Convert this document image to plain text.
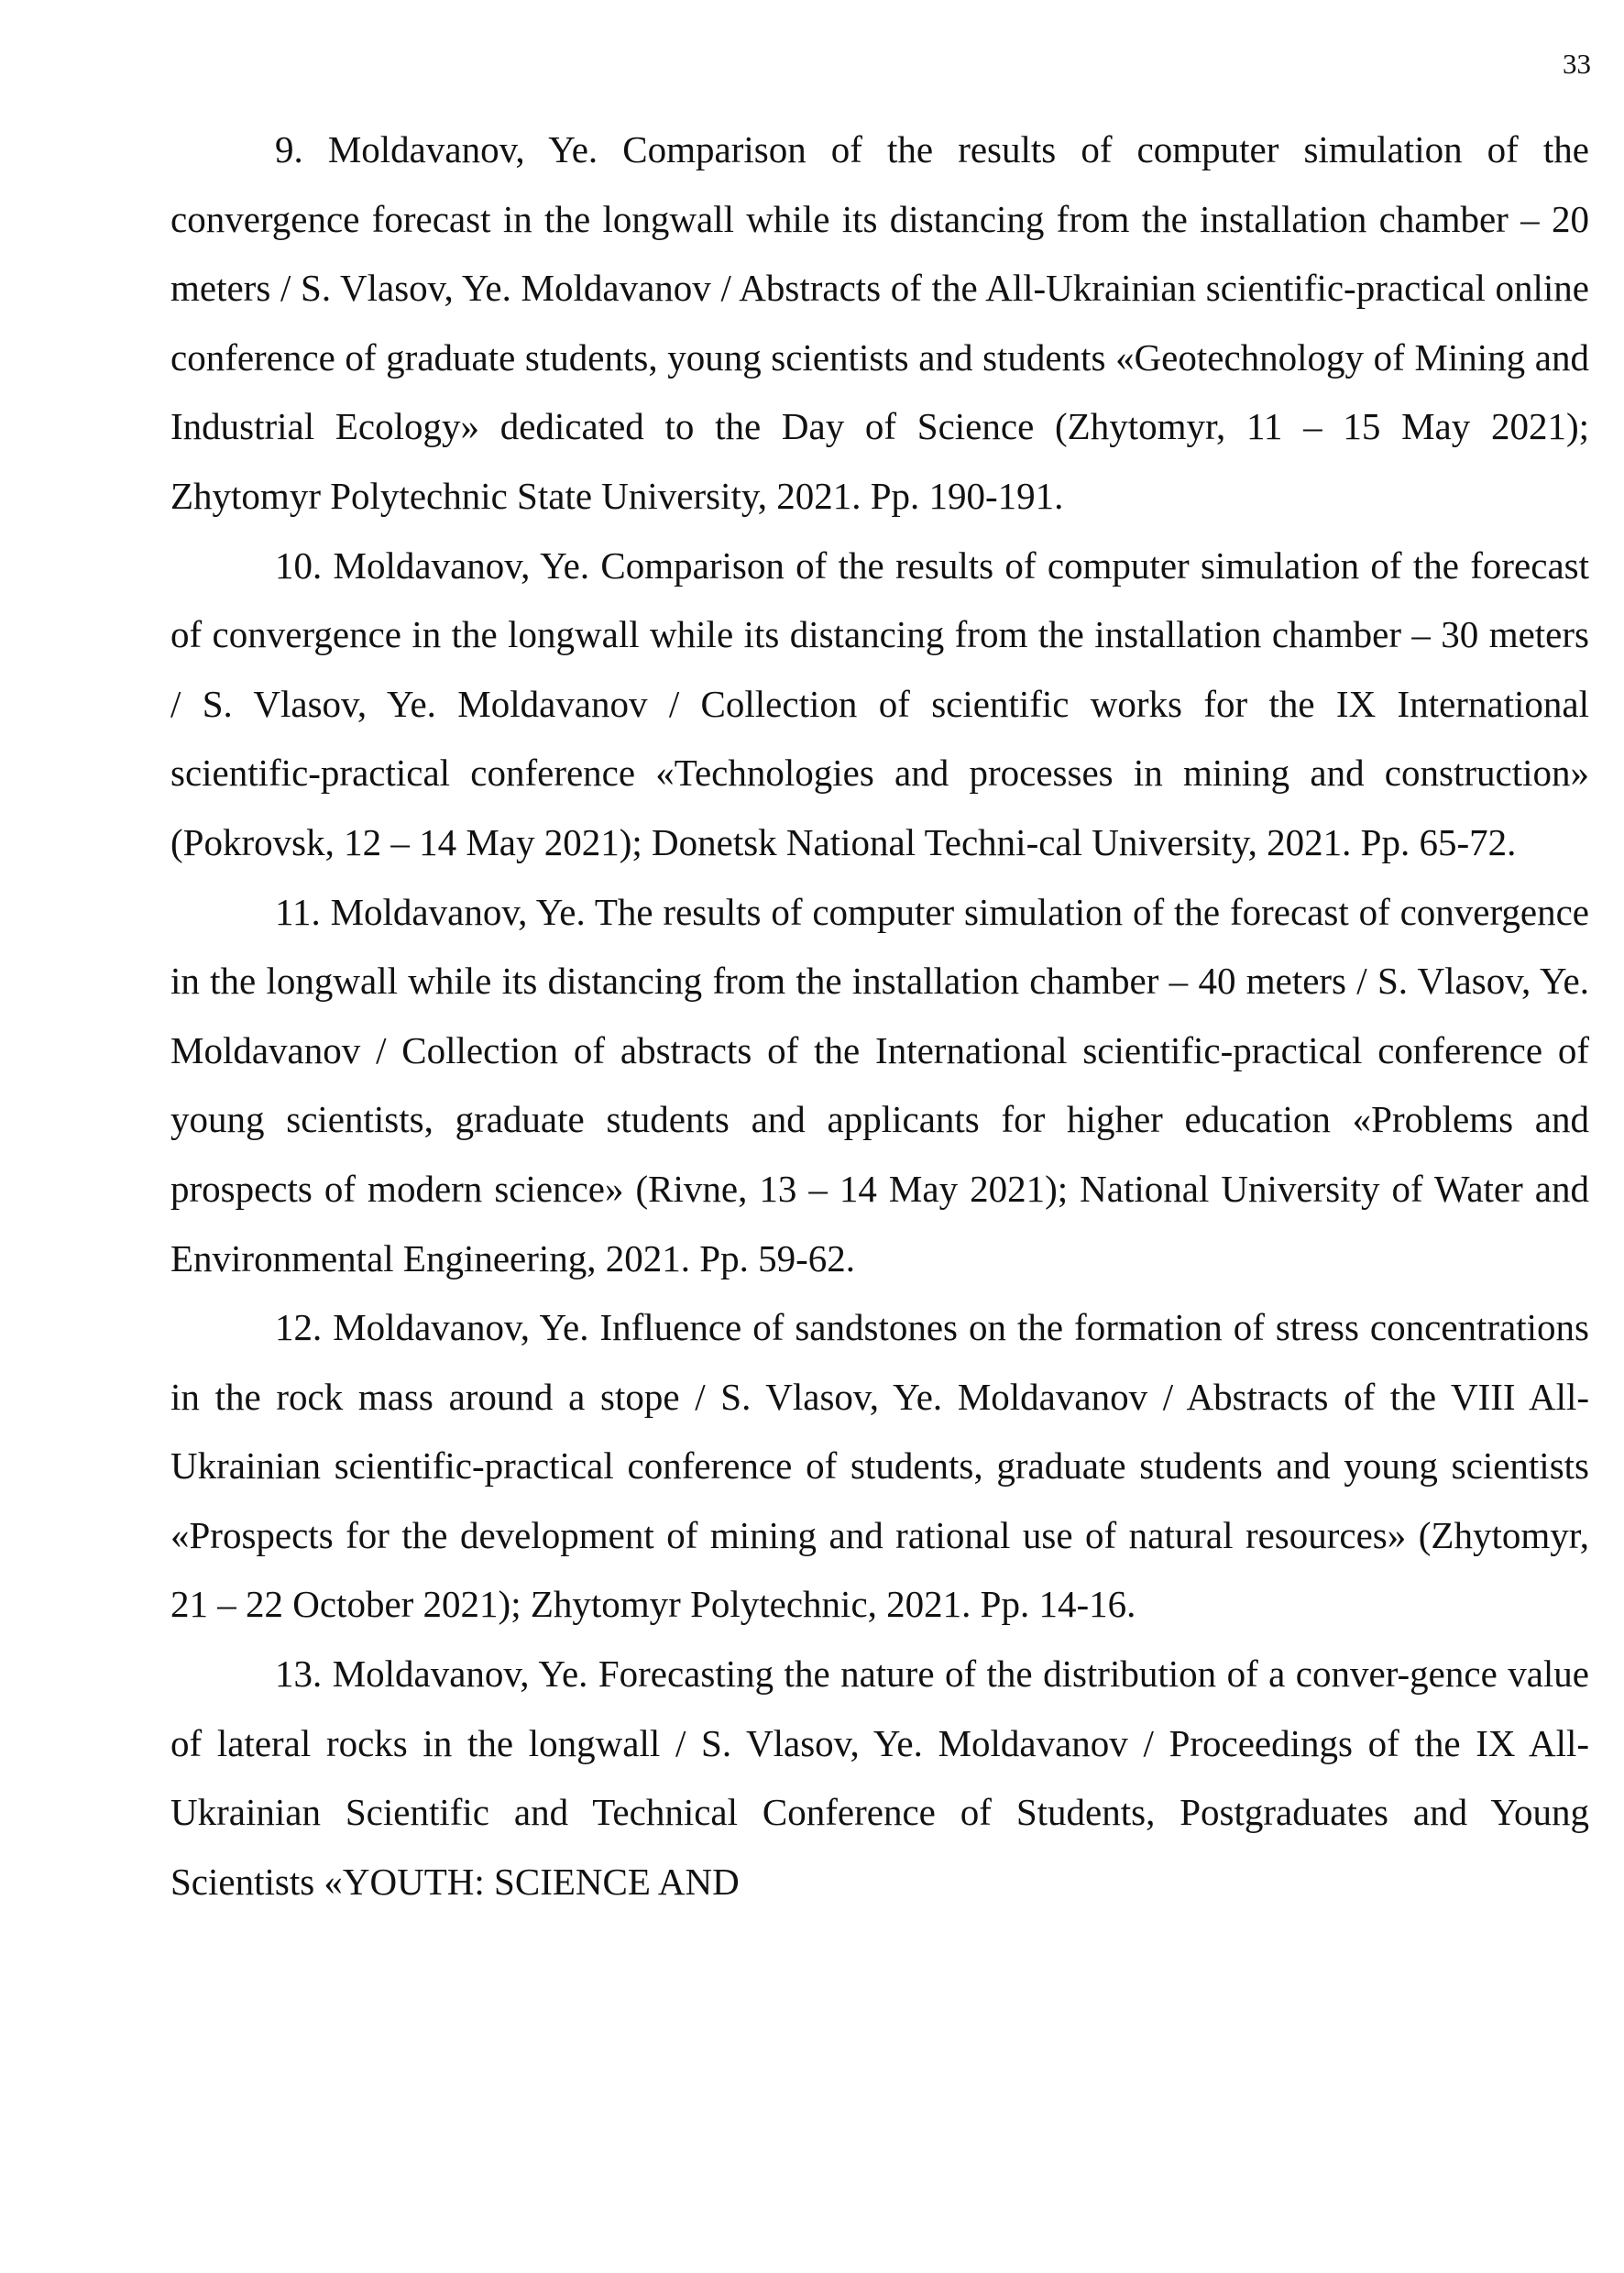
33

9. Moldavanov, Ye. Comparison of the results of computer simulation of the convergence forecast in the longwall while its distancing from the installation chamber – 20 meters / S. Vlasov, Ye. Moldavanov / Abstracts of the All-Ukrainian scientific-practical online conference of graduate students, young scientists and students «Geotechnology of Mining and Industrial Ecology» dedicated to the Day of Science (Zhytomyr, 11 – 15 May 2021); Zhytomyr Polytechnic State University, 2021. Pp. 190-191.

10. Moldavanov, Ye. Comparison of the results of computer simulation of the forecast of convergence in the longwall while its distancing from the installation chamber – 30 meters / S. Vlasov, Ye. Moldavanov / Collection of scientific works for the IX International scientific-practical conference «Technologies and processes in mining and construction» (Pokrovsk, 12 – 14 May 2021); Donetsk National Techni-cal University, 2021. Pp. 65-72.

11. Moldavanov, Ye. The results of computer simulation of the forecast of convergence in the longwall while its distancing from the installation chamber – 40 meters / S. Vlasov, Ye. Moldavanov / Collection of abstracts of the International scientific-practical conference of young scientists, graduate students and applicants for higher education «Problems and prospects of modern science» (Rivne, 13 – 14 May 2021); National University of Water and Environmental Engineering, 2021. Pp. 59-62.

12. Moldavanov, Ye. Influence of sandstones on the formation of stress concentrations in the rock mass around a stope / S. Vlasov, Ye. Moldavanov / Abstracts of the VIII All-Ukrainian scientific-practical conference of students, graduate students and young scientists «Prospects for the development of mining and rational use of natural resources» (Zhytomyr, 21 – 22 October 2021); Zhytomyr Polytechnic, 2021. Pp. 14-16.

13. Moldavanov, Ye. Forecasting the nature of the distribution of a conver-gence value of lateral rocks in the longwall / S. Vlasov, Ye. Moldavanov / Proceedings of the IX All-Ukrainian Scientific and Technical Conference of Students, Postgraduates and Young Scientists «YOUTH: SCIENCE AND
